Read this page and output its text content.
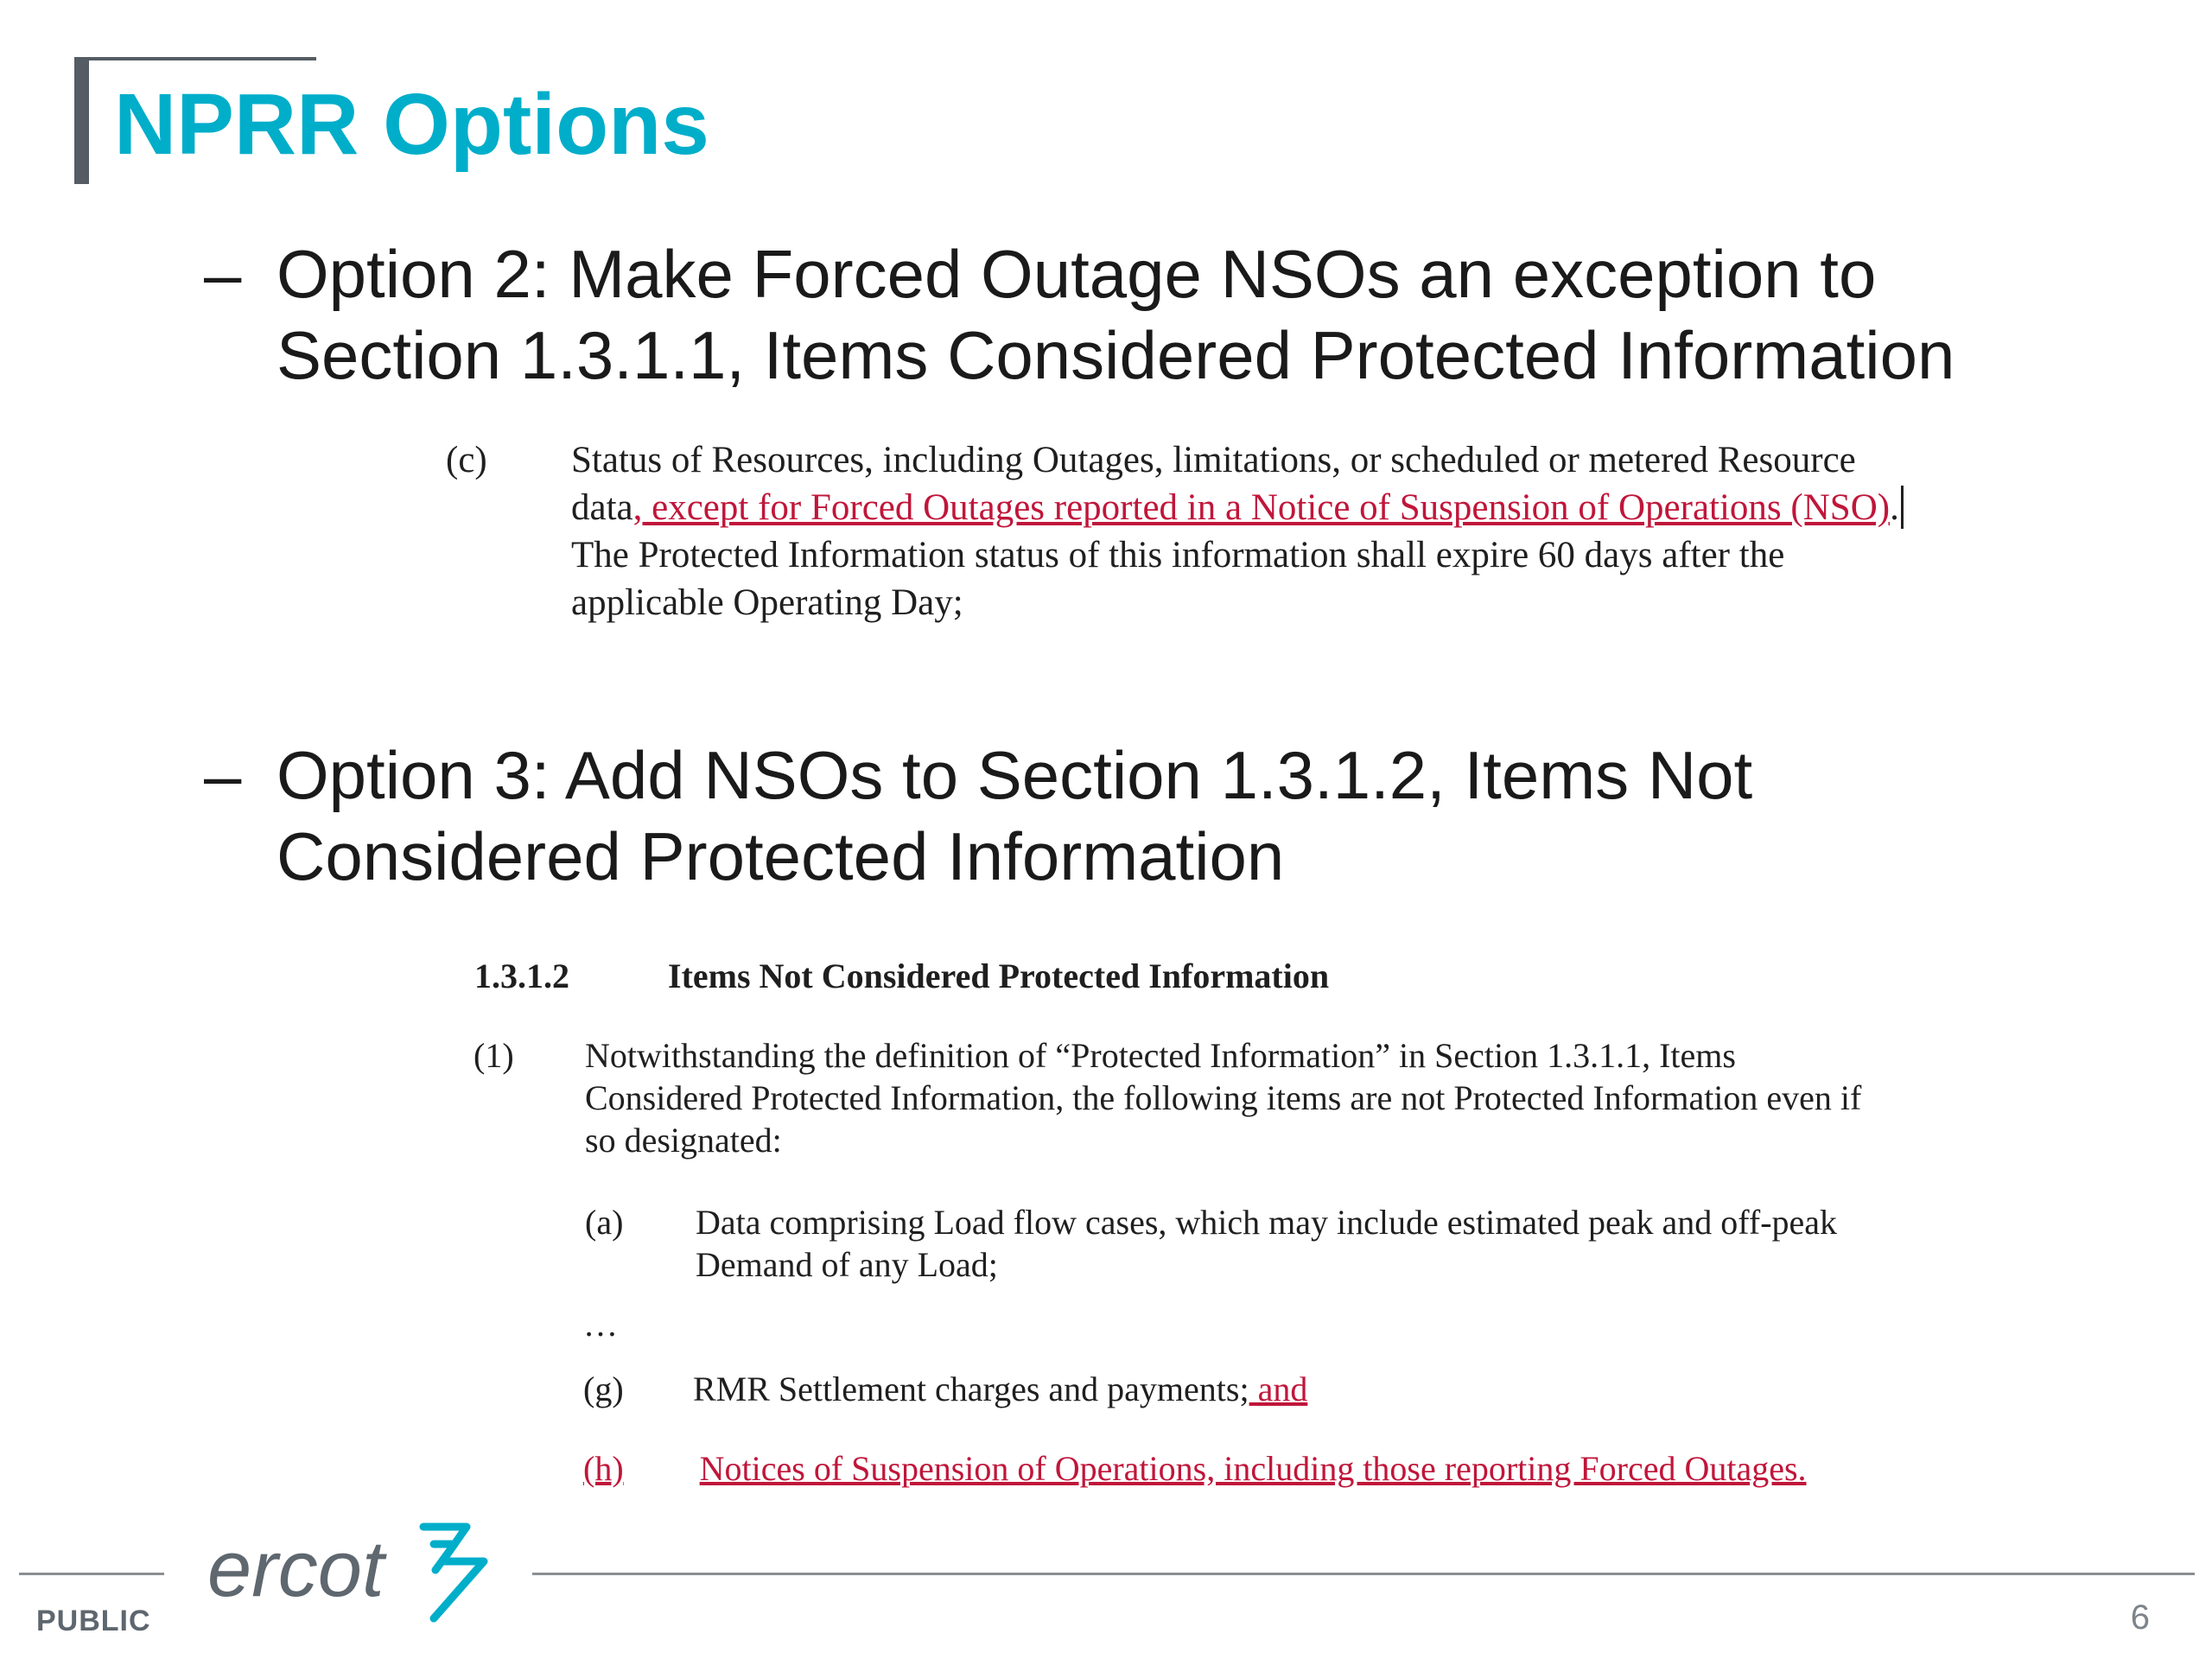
NPRR Options
– Option 2: Make Forced Outage NSOs an exception to Section 1.3.1.1, Items Considered Protected Information
(c) Status of Resources, including Outages, limitations, or scheduled or metered Resource data, except for Forced Outages reported in a Notice of Suspension of Operations (NSO). The Protected Information status of this information shall expire 60 days after the applicable Operating Day;
– Option 3: Add NSOs to Section 1.3.1.2, Items Not Considered Protected Information
1.3.1.2	Items Not Considered Protected Information
(1) Notwithstanding the definition of “Protected Information” in Section 1.3.1.1, Items Considered Protected Information, the following items are not Protected Information even if so designated:
(a) Data comprising Load flow cases, which may include estimated peak and off-peak Demand of any Load;
…
(g) RMR Settlement charges and payments; and
(h) Notices of Suspension of Operations, including those reporting Forced Outages.
ercot
PUBLIC	6
